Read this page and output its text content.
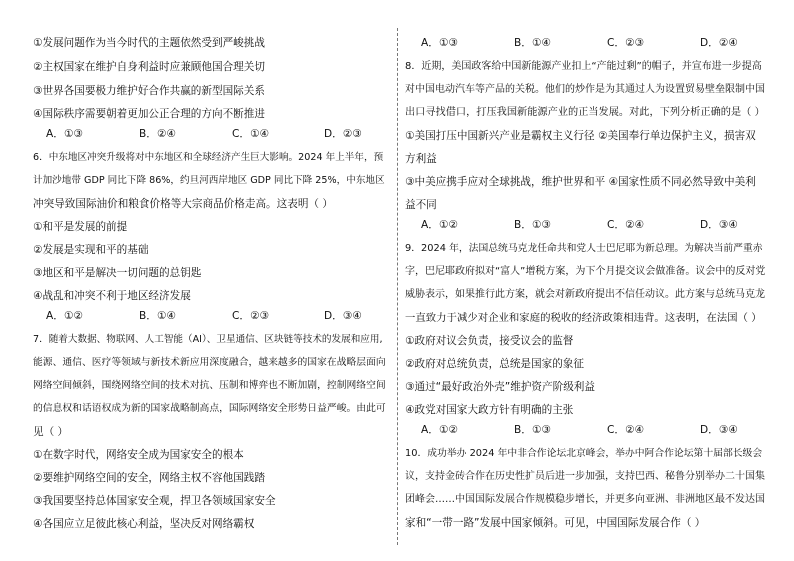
①发展问题作为当今时代的主题依然受到严峻挑战
②主权国家在维护自身利益时应兼顾他国合理关切
③世界各国要极力维护好合作共赢的新型国际关系
④国际秩序需要朝着更加公正合理的方向不断推进
A．①③	B．②④	C．①④	D．②③
6．中东地区冲突升级将对中东地区和全球经济产生巨大影响。2024 年上半年，预
计加沙地带 GDP 同比下降 86%，约旦河西岸地区 GDP 同比下降 25%，中东地区
冲突导致国际油价和粮食价格等大宗商品价格走高。这表明（ ）
①和平是发展的前提
②发展是实现和平的基础
③地区和平是解决一切问题的总钥匙
④战乱和冲突不利于地区经济发展
A．①②	B．①④	C．②③	D．③④
7．随着大数据、物联网、人工智能（AI）、卫星通信、区块链等技术的发展和应用,
能源、通信、医疗等领域与新技术新应用深度融合，越来越多的国家在战略层面向
网络空间倾斜，围绕网络空间的技术对抗、压制和博弈也不断加剧，控制网络空间
的信息权和话语权成为新的国家战略制高点，国际网络安全形势日益严峻。由此可
见（ ）
①在数字时代，网络安全成为国家安全的根本
②要维护网络空间的安全，网络主权不容他国践踏
③我国要坚持总体国家安全观，捍卫各领域国家安全
④各国应立足彼此核心利益，坚决反对网络霸权
A．①③	B．①④	C．②③	D．②④
8．近期，美国政客给中国新能源产业扣上“产能过剩”的帽子，并宣布进一步提高
对中国电动汽车等产品的关税。他们的炒作是为其通过人为设置贸易壁垒限制中国
出口寻找借口，打压我国新能源产业的正当发展。对此，下列分析正确的是（ ）
①美国打压中国新兴产业是霸权主义行径 ②美国奉行单边保护主义，损害双
方利益
③中美应携手应对全球挑战，维护世界和平 ④国家性质不同必然导致中美利
益不同
A．①②	B．①③	C．②④	D．③④
9．2024 年，法国总统马克龙任命共和党人士巴尼耶为新总理。为解决当前严重赤
字，巴尼耶政府拟对“富人”增税方案，为下个月提交议会做准备。议会中的反对党
威胁表示，如果推行此方案，就会对新政府提出不信任动议。此方案与总统马克龙
一直致力于减少对企业和家庭的税收的经济政策相违背。这表明，在法国（ ）
①政府对议会负责，接受议会的监督
②政府对总统负责，总统是国家的象征
③通过“最好政治外壳”维护资产阶级利益
④政党对国家大政方针有明确的主张
A．①②	B．①③	C．②④	D．③④
10．成功举办 2024 年中非合作论坛北京峰会，举办中阿合作论坛第十届部长级会
议，支持金砖合作在历史性扩员后进一步加强，支持巴西、秘鲁分别举办二十国集
团峰会……中国国际发展合作规模稳步增长，并更多向亚洲、非洲地区最不发达国
家和“一带一路”发展中国家倾斜。可见，中国国际发展合作（ ）
